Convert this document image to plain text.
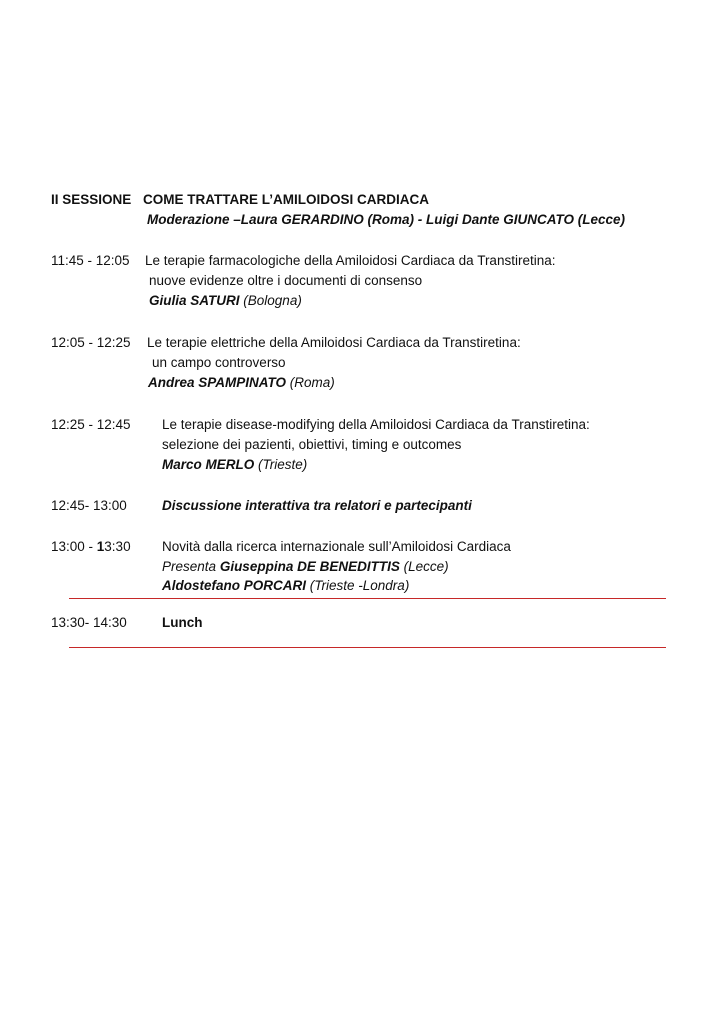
II SESSIONE COME TRATTARE L’AMILOIDOSI CARDIACA
Moderazione –Laura GERARDINO (Roma) - Luigi Dante GIUNCATO (Lecce)
11:45 - 12:05 Le terapie farmacologiche della Amiloidosi Cardiaca da Transtiretina:
nuove evidenze oltre i documenti di consenso
Giulia SATURI (Bologna)
12:05 - 12:25 Le terapie elettriche della Amiloidosi Cardiaca da Transtiretina:
un campo controverso
Andrea SPAMPINATO (Roma)
12:25 - 12:45 Le terapie disease-modifying della Amiloidosi Cardiaca da Transtiretina:
selezione dei pazienti, obiettivi, timing e outcomes
Marco MERLO (Trieste)
12:45- 13:00	Discussione interattiva tra relatori e partecipanti
13:00 - 13:30 Novità dalla ricerca internazionale sull’Amiloidosi Cardiaca
Presenta Giuseppina DE BENEDITTIS (Lecce)
Aldostefano PORCARI (Trieste -Londra)
13:30- 14:30	Lunch
